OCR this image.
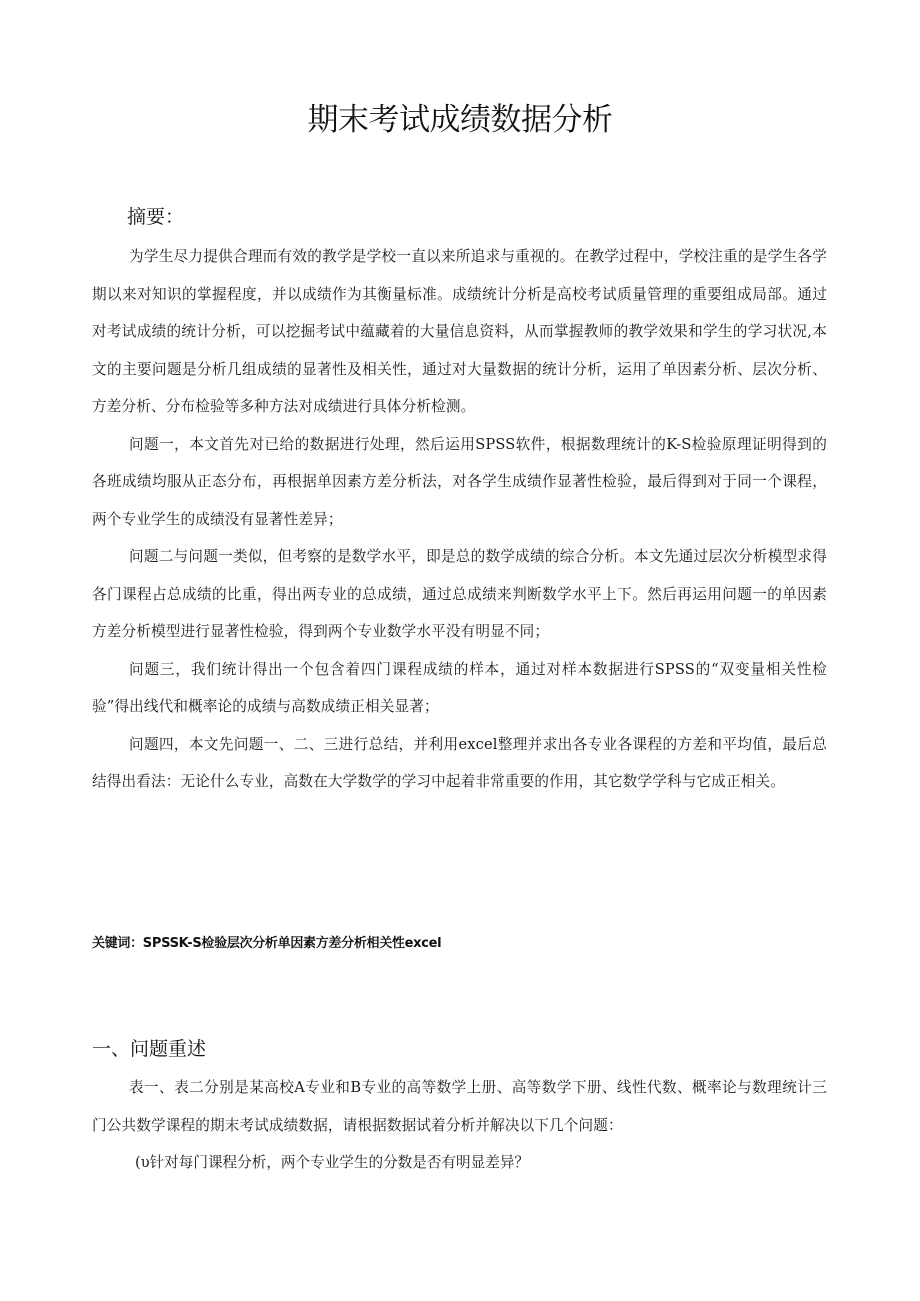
期末考试成绩数据分析
摘要：

为学生尽力提供合理而有效的教学是学校一直以来所追求与重视的。在教学过程中，学校注重的是学生各学期以来对知识的掌握程度，并以成绩作为其衡量标准。成绩统计分析是高校考试质量管理的重要组成局部。通过对考试成绩的统计分析，可以挖掘考试中蕴藏着的大量信息资料，从而掌握教师的教学效果和学生的学习状况,本文的主要问题是分析几组成绩的显著性及相关性，通过对大量数据的统计分析，运用了单因素分析、层次分析、方差分析、分布检验等多种方法对成绩进行具体分析检测。

问题一，本文首先对已给的数据进行处理，然后运用SPSS软件，根据数理统计的K-S检验原理证明得到的各班成绩均服从正态分布，再根据单因素方差分析法，对各学生成绩作显著性检验，最后得到对于同一个课程，两个专业学生的成绩没有显著性差异；

问题二与问题一类似，但考察的是数学水平，即是总的数学成绩的综合分析。本文先通过层次分析模型求得各门课程占总成绩的比重，得出两专业的总成绩，通过总成绩来判断数学水平上下。然后再运用问题一的单因素方差分析模型进行显著性检验，得到两个专业数学水平没有明显不同；

问题三，我们统计得出一个包含着四门课程成绩的样本，通过对样本数据进行SPSS的“双变量相关性检验”得出线代和概率论的成绩与高数成绩正相关显著；

问题四，本文先问题一、二、三进行总结，并利用excel整理并求出各专业各课程的方差和平均值，最后总结得出看法：无论什么专业，高数在大学数学的学习中起着非常重要的作用，其它数学学科与它成正相关。

关键词：SPSSK-S检验层次分析单因素方差分析相关性excel

一、问题重述

表一、表二分别是某高校A专业和B专业的高等数学上册、高等数学下册、线性代数、概率论与数理统计三门公共数学课程的期末考试成绩数据，请根据数据试着分析并解决以下几个问题：

(υ针对每门课程分析，两个专业学生的分数是否有明显差异？
